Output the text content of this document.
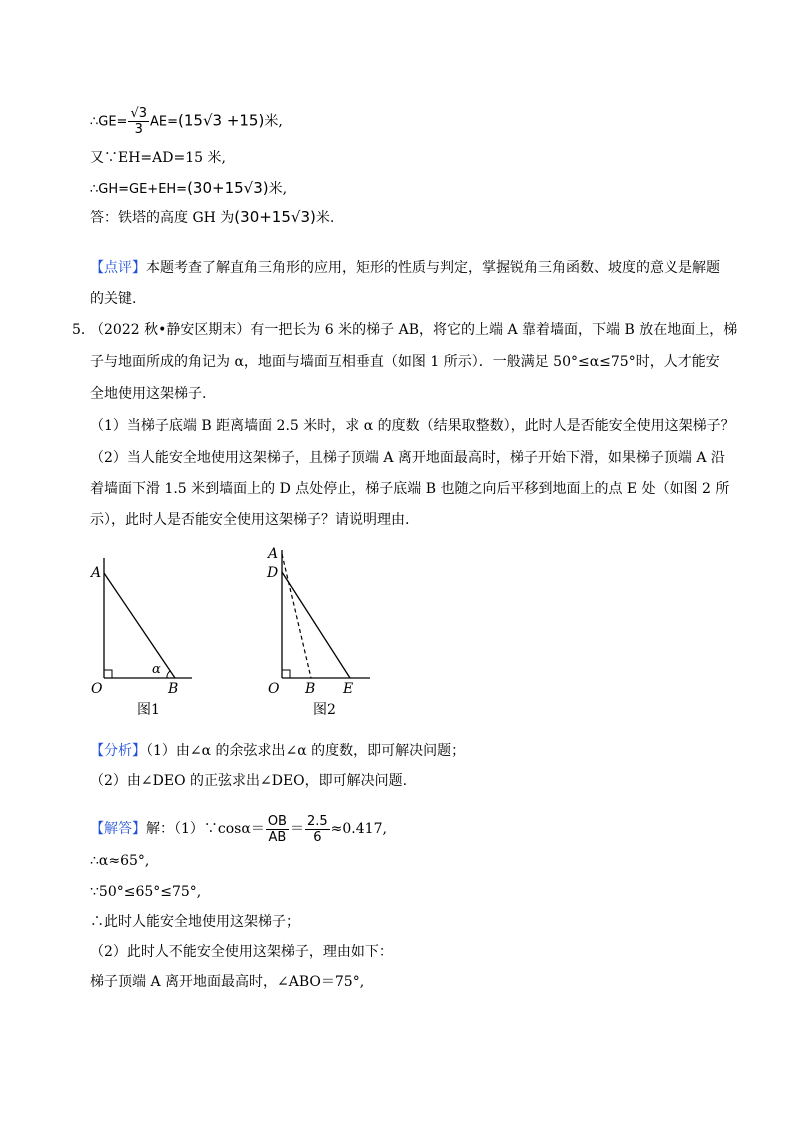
∴GE= $\frac{√3}{3} AE=(15√3 +15)$米,
又∵EH=AD=15 米,
∴GH=GE+EH=(30+15√3)米,
答：铁塔的高度 GH 为(30+15√3)米.
【点评】本题考查了解直角三角形的应用，矩形的性质与判定，掌握锐角三角函数、坡度的意义是解题
的关键.
5．
（2022 秋•静安区期末）有一把长为 6 米的梯子 AB，将它的上端 A 靠着墙面，下端 B 放在地面上，梯
子与地面所成的角记为 α，地面与墙面互相垂直（如图 1 所示）．一般满足 50°≤α≤75°时，人才能安
全地使用这架梯子.
（1）当梯子底端 B 距离墙面 2.5 米时，求 α 的度数（结果取整数），此时人是否能安全使用这架梯子？
（2）当人能安全地使用这架梯子，且梯子顶端 A 离开地面最高时，梯子开始下滑，如果梯子顶端 A 沿
着墙面下滑 1.5 米到墙面上的 D 点处停止，梯子底端 B 也随之向后平移到地面上的点 E 处（如图 2 所
示），此时人是否能安全使用这架梯子？请说明理由.
A
O	B
α
图1
A
D
O B E
图2
【分析】（1）由∠α 的余弦求出∠α 的度数，即可解决问题；
（2）由∠DEO 的正弦求出∠DEO，即可解决问题.
【解答】解：（1）∵cosα＝ $\frac{OB}{AB} = \frac{2.5}{6} \approx 0.417$,
∴α≈65°,
∵50°≤65°≤75°,
∴此时人能安全地使用这架梯子；
（2）此时人不能安全使用这架梯子，理由如下：
梯子顶端 A 离开地面最高时，∠ABO＝75°,
